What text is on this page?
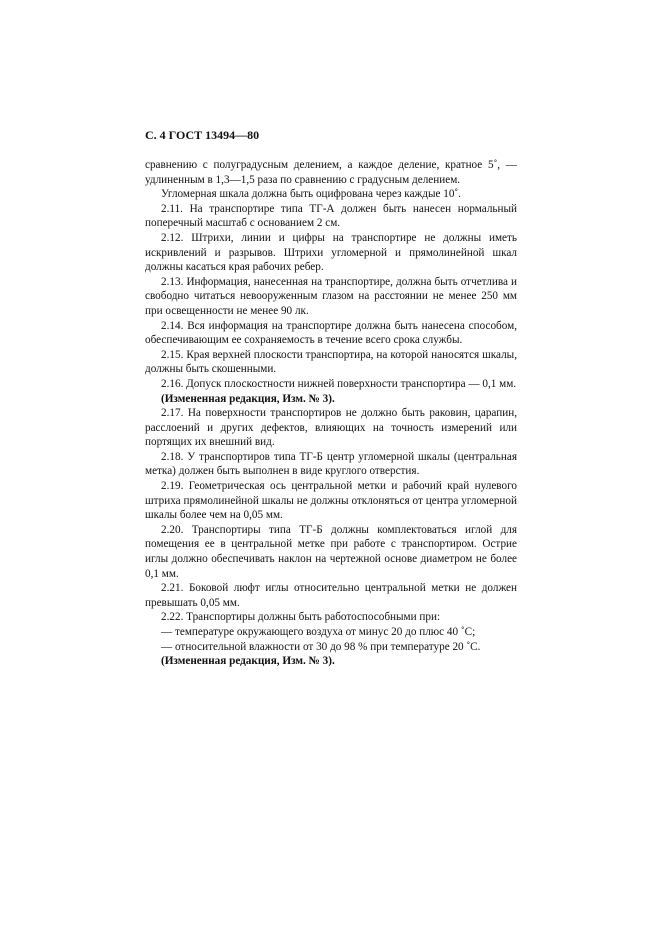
С. 4 ГОСТ 13494—80

сравнению с полуградусным делением, а каждое деление, кратное 5˚, — удлиненным в 1,3—1,5 раза по сравнению с градусным делением.

Угломерная шкала должна быть оцифрована через каждые 10˚.

2.11. На транспортире типа ТГ-А должен быть нанесен нормальный поперечный масштаб с основанием 2 см.

2.12. Штрихи, линии и цифры на транспортире не должны иметь искривлений и разрывов. Штрихи угломерной и прямолинейной шкал должны касаться края рабочих ребер.

2.13. Информация, нанесенная на транспортире, должна быть отчетлива и свободно читаться невооруженным глазом на расстоянии не менее 250 мм при освещенности не менее 90 лк.

2.14. Вся информация на транспортире должна быть нанесена способом, обеспечивающим ее сохраняемость в течение всего срока службы.

2.15. Края верхней плоскости транспортира, на которой наносятся шкалы, должны быть скошенными.

2.16. Допуск плоскостности нижней поверхности транспортира — 0,1 мм.

(Измененная редакция, Изм. № 3).

2.17. На поверхности транспортиров не должно быть раковин, царапин, расслоений и других дефектов, влияющих на точность измерений или портящих их внешний вид.

2.18. У транспортиров типа ТГ-Б центр угломерной шкалы (центральная метка) должен быть выполнен в виде круглого отверстия.

2.19. Геометрическая ось центральной метки и рабочий край нулевого штриха прямолинейной шкалы не должны отклоняться от центра угломерной шкалы более чем на 0,05 мм.

2.20. Транспортиры типа ТГ-Б должны комплектоваться иглой для помещения ее в центральной метке при работе с транспортиром. Острие иглы должно обеспечивать наклон на чертежной основе диаметром не более 0,1 мм.

2.21. Боковой люфт иглы относительно центральной метки не должен превышать 0,05 мм.

2.22. Транспортиры должны быть работоспособными при:

— температуре окружающего воздуха от минус 20 до плюс 40 ˚С;

— относительной влажности от 30 до 98 % при температуре 20 ˚С.

(Измененная редакция, Изм. № 3).
